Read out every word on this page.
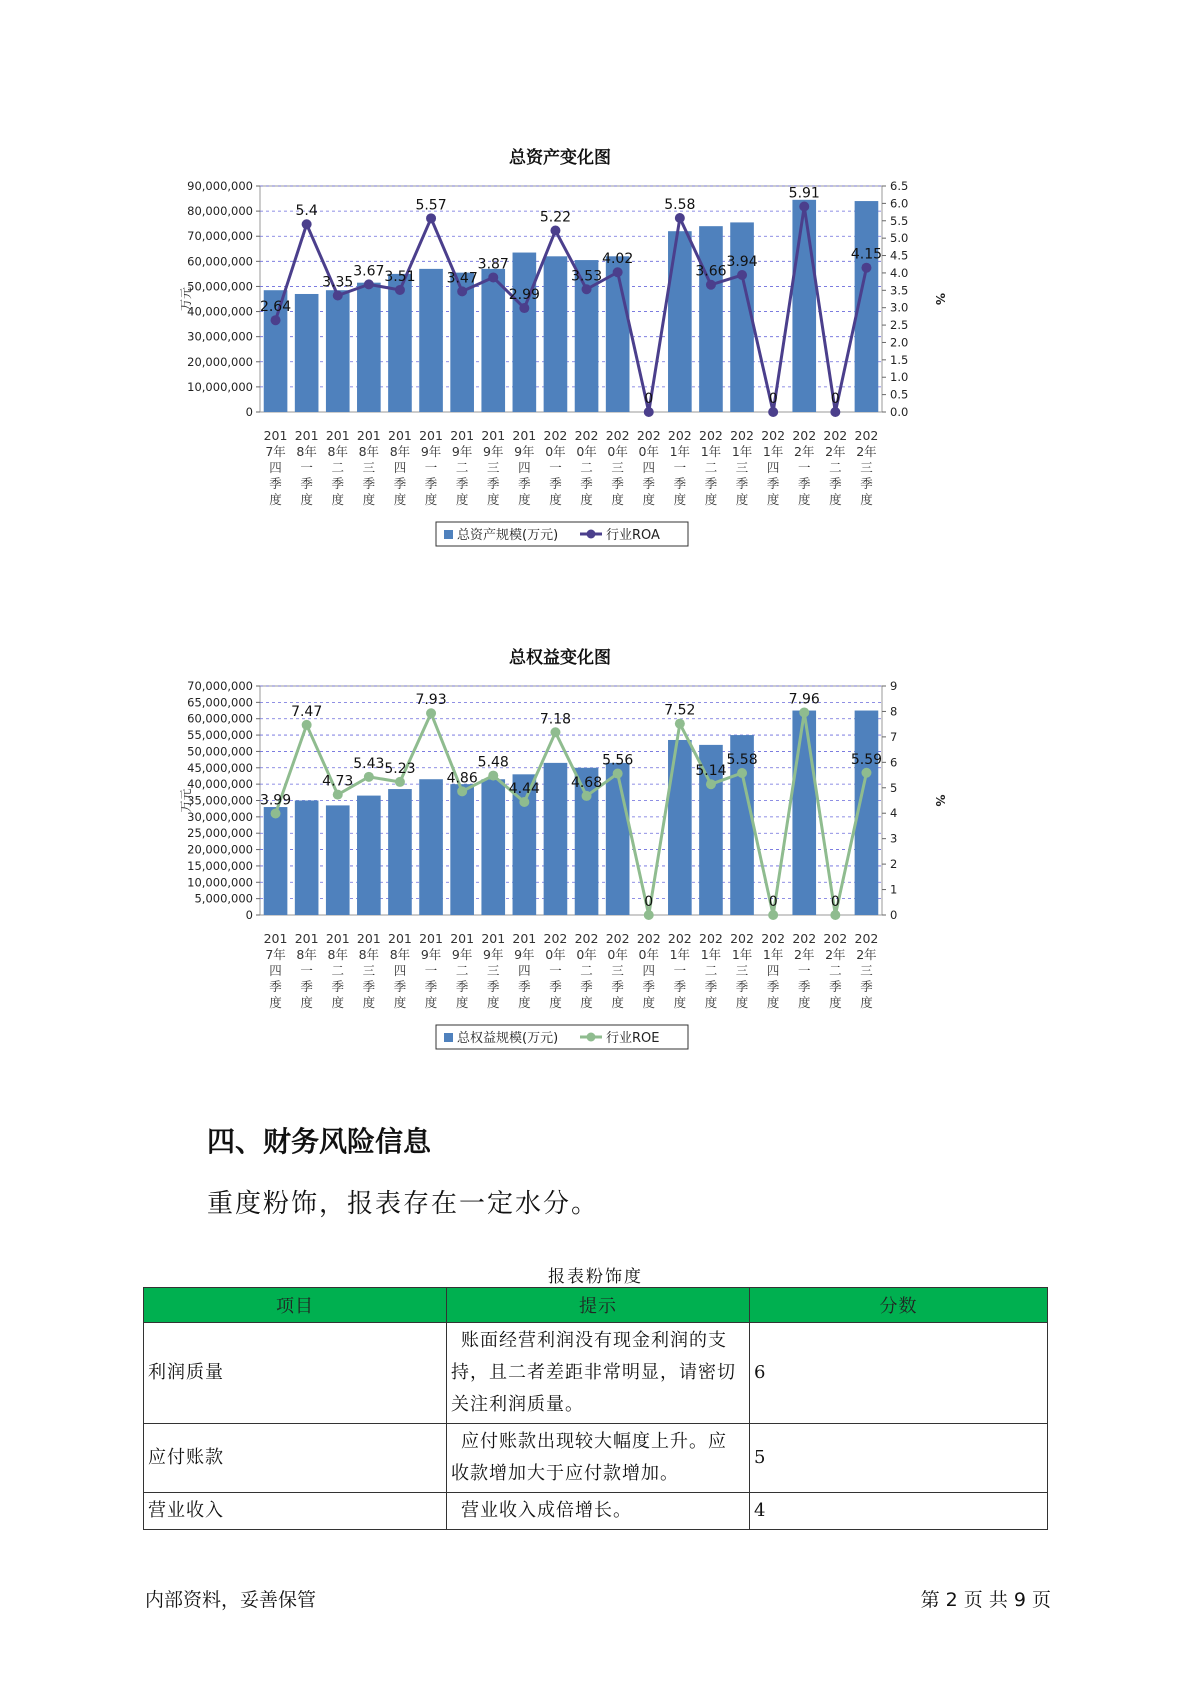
总资产变化图
0
10,000,000
20,000,000
30,000,000
40,000,000
50,000,000
60,000,000
70,000,000
80,000,000
90,000,000
0.0
0.5
1.0
1.5
2.0
2.5
3.0
3.5
4.0
4.5
5.0
5.5
6.0
6.5
万元	%
2.64
5.4
3.35
3.67 3.51
5.57
3.47
3.87
2.99
5.22
3.53
4.02
0
5.58
3.66
3.94
0
5.91
0
4.15
201
7年
四
季
度
201
8年
一
季
度
201
8年
二
季
度
201
8年
三
季
度
201
8年
四
季
度
201
9年
一
季
度
201
9年
二
季
度
201
9年
三
季
度
201
9年
四
季
度
202
0年
一
季
度
202
0年
二
季
度
202
0年
三
季
度
202
0年
四
季
度
202
1年
一
季
度
202
1年
二
季
度
202
1年
三
季
度
202
1年
四
季
度
202
2年
一
季
度
202
2年
二
季
度
202
2年
三
季
度
总资产规模(万元)	行业ROA
总权益变化图
0
5,000,000
10,000,000
15,000,000
20,000,000
25,000,000
30,000,000
35,000,000
40,000,000
45,000,000
50,000,000
55,000,000
60,000,000
65,000,000
70,000,000
0
1
2
3
4
5
6
7
8
9
万元	%
3.99
7.47
4.73
5.43 5.23
7.93
4.86
5.48
4.44
7.18
4.68
5.56
0
7.52
5.14
5.58
0
7.96
0
5.59
201
7年
四
季
度
201
8年
一
季
度
201
8年
二
季
度
201
8年
三
季
度
201
8年
四
季
度
201
9年
一
季
度
201
9年
二
季
度
201
9年
三
季
度
201
9年
四
季
度
202
0年
一
季
度
202
0年
二
季
度
202
0年
三
季
度
202
0年
四
季
度
202
1年
一
季
度
202
1年
二
季
度
202
1年
三
季
度
202
1年
四
季
度
202
2年
一
季
度
202
2年
二
季
度
202
2年
三
季
度
总权益规模(万元)	行业ROE
四、财务风险信息
重度粉饰，报表存在一定水分。
报表粉饰度
项目	提示	分数
利润质量	账面经营利润没有现金利润的支持，且二者差距非常明显，请密切关注利润质量。	6
应付账款	应付账款出现较大幅度上升。应收款增加大于应付款增加。	5
营业收入	营业收入成倍增长。	4
内部资料，妥善保管	第 2 页 共 9 页
